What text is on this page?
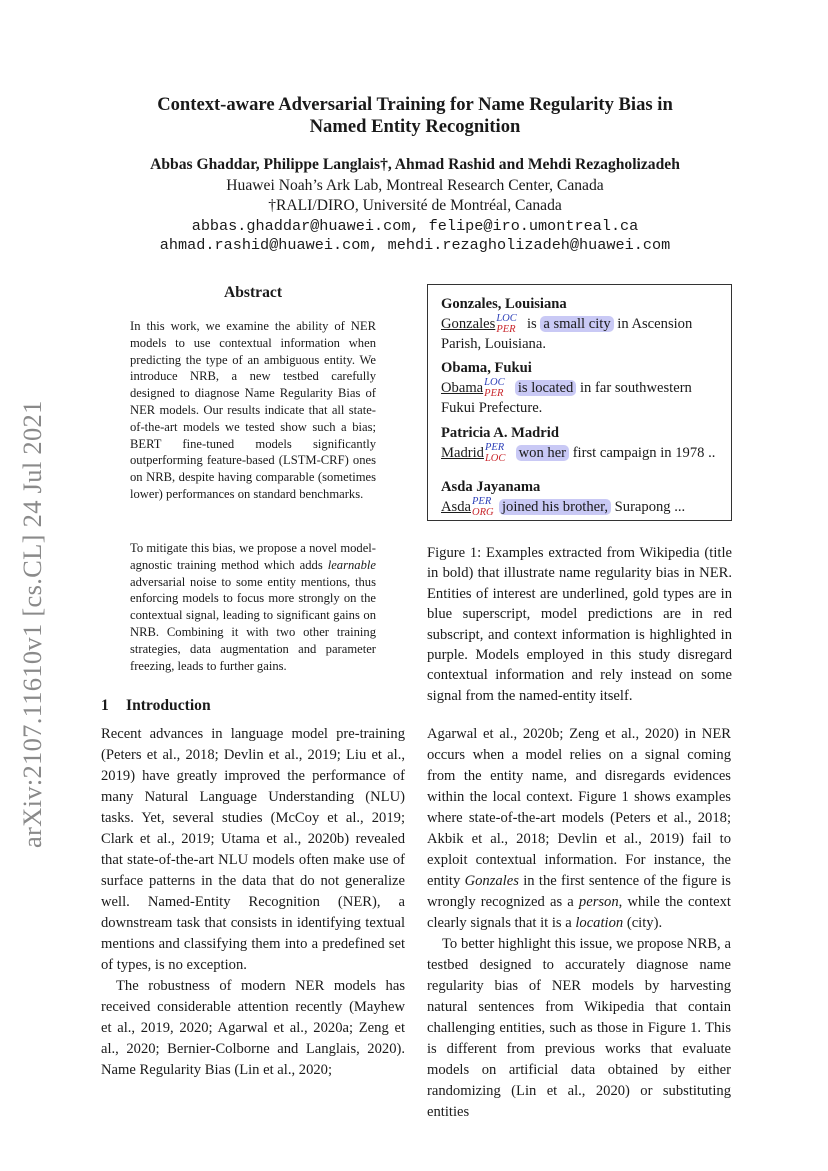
arXiv:2107.11610v1 [cs.CL] 24 Jul 2021
Context-aware Adversarial Training for Name Regularity Bias in
Named Entity Recognition
Abbas Ghaddar, Philippe Langlais†, Ahmad Rashid and Mehdi Rezagholizadeh
Huawei Noah’s Ark Lab, Montreal Research Center, Canada
†RALI/DIRO, Université de Montréal, Canada
abbas.ghaddar@huawei.com, felipe@iro.umontreal.ca
ahmad.rashid@huawei.com, mehdi.rezagholizadeh@huawei.com
Abstract
In this work, we examine the ability of NER models to use contextual information when predicting the type of an ambiguous entity. We introduce NRB, a new testbed carefully designed to diagnose Name Regularity Bias of NER models. Our results indicate that all state-of-the-art models we tested show such a bias; BERT fine-tuned models significantly outperforming feature-based (LSTM-CRF) ones on NRB, despite having comparable (sometimes lower) performances on standard benchmarks.
To mitigate this bias, we propose a novel model-agnostic training method which adds learnable adversarial noise to some entity mentions, thus enforcing models to focus more strongly on the contextual signal, leading to significant gains on NRB. Combining it with two other training strategies, data augmentation and parameter freezing, leads to further gains.
1 Introduction
Recent advances in language model pre-training (Peters et al., 2018; Devlin et al., 2019; Liu et al., 2019) have greatly improved the performance of many Natural Language Understanding (NLU) tasks. Yet, several studies (McCoy et al., 2019; Clark et al., 2019; Utama et al., 2020b) revealed that state-of-the-art NLU models often make use of surface patterns in the data that do not generalize well. Named-Entity Recognition (NER), a downstream task that consists in identifying textual mentions and classifying them into a predefined set of types, is no exception.
The robustness of modern NER models has received considerable attention recently (Mayhew et al., 2019, 2020; Agarwal et al., 2020a; Zeng et al., 2020; Bernier-Colborne and Langlais, 2020). Name Regularity Bias (Lin et al., 2020;
Agarwal et al., 2020b; Zeng et al., 2020) in NER occurs when a model relies on a signal coming from the entity name, and disregards evidences within the local context. Figure 1 shows examples where state-of-the-art models (Peters et al., 2018; Akbik et al., 2018; Devlin et al., 2019) fail to exploit contextual information. For instance, the entity Gonzales in the first sentence of the figure is wrongly recognized as a person, while the context clearly signals that it is a location (city).
To better highlight this issue, we propose NRB, a testbed designed to accurately diagnose name regularity bias of NER models by harvesting natural sentences from Wikipedia that contain challenging entities, such as those in Figure 1. This is different from previous works that evaluate models on artificial data obtained by either randomizing (Lin et al., 2020) or substituting entities
Gonzales, Louisiana
Gonzales LOC
PER is a small city in Ascension Parish, Louisiana.
Obama, Fukui
Obama LOC
PER is located in far southwestern Fukui Prefecture.
Patricia A. Madrid
Madrid PER
LOC won her first campaign in 1978 ..
Asda Jayanama
Asda PER
ORG joined his brother, Surapong ...
Figure 1: Examples extracted from Wikipedia (title in bold) that illustrate name regularity bias in NER. Entities of interest are underlined, gold types are in blue superscript, model predictions are in red subscript, and context information is highlighted in purple. Models employed in this study disregard contextual information and rely instead on some signal from the named-entity itself.
